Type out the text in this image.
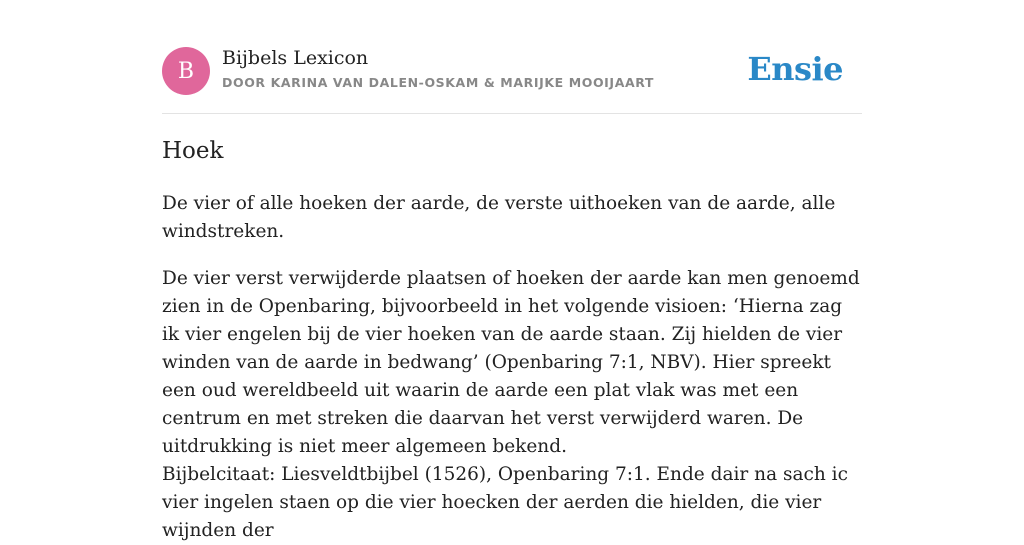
B
Bijbels Lexicon
DOOR KARINA VAN DALEN-OSKAM & MARIJKE MOOIJAART	Ensie
Hoek

De vier of alle hoeken der aarde, de verste uithoeken van de aarde, alle windstreken.

De vier verst verwijderde plaatsen of hoeken der aarde kan men genoemd zien in de Openbaring, bijvoorbeeld in het volgende visioen: ‘Hierna zag ik vier engelen bij de vier hoeken van de aarde staan. Zij hielden de vier winden van de aarde in bedwang’ (Openbaring 7:1, NBV). Hier spreekt een oud wereldbeeld uit waarin de aarde een plat vlak was met een centrum en met streken die daarvan het verst verwijderd waren. De uitdrukking is niet meer algemeen bekend.

Bijbelcitaat: Liesveldtbijbel (1526), Openbaring 7:1. Ende dair na sach ic vier ingelen staen op die vier hoecken der aerden die hielden, die vier wijnden der
